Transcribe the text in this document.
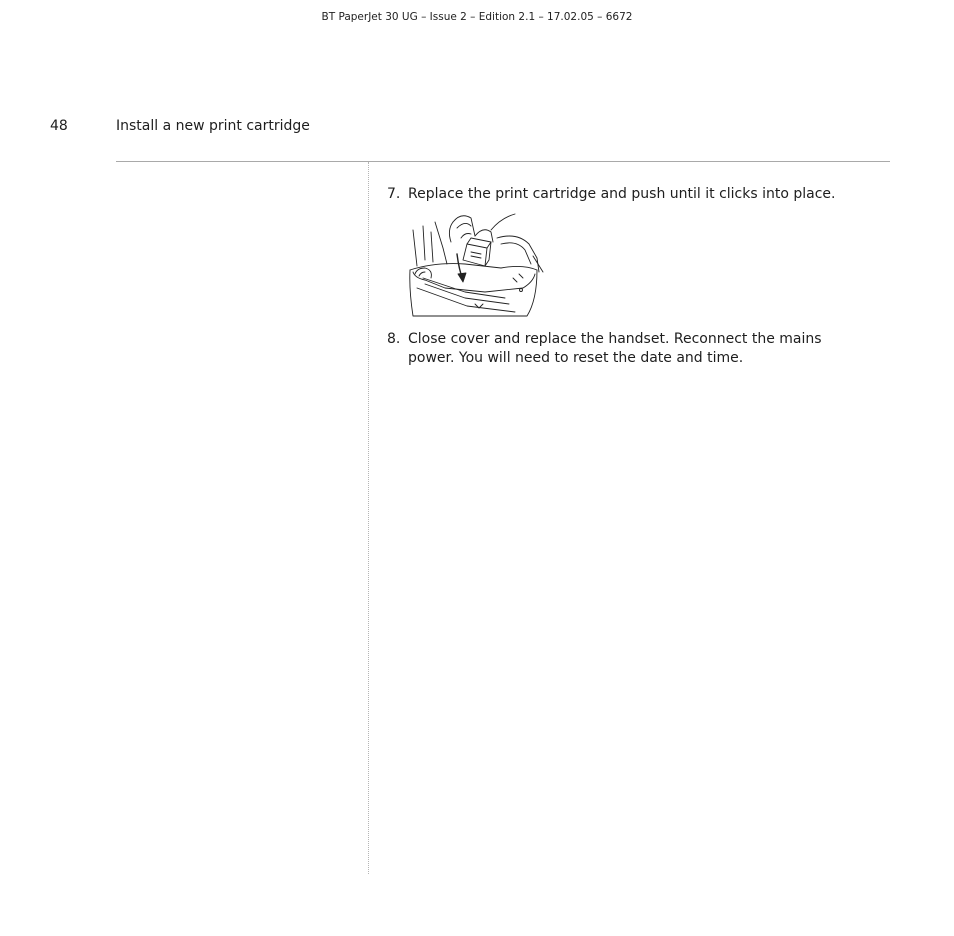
BT PaperJet 30 UG – Issue 2 – Edition 2.1 – 17.02.05 – 6672
48	Install a new print cartridge
7. Replace the print cartridge and push until it clicks into place.
8. Close cover and replace the handset. Reconnect the mains power. You will need to reset the date and time.
